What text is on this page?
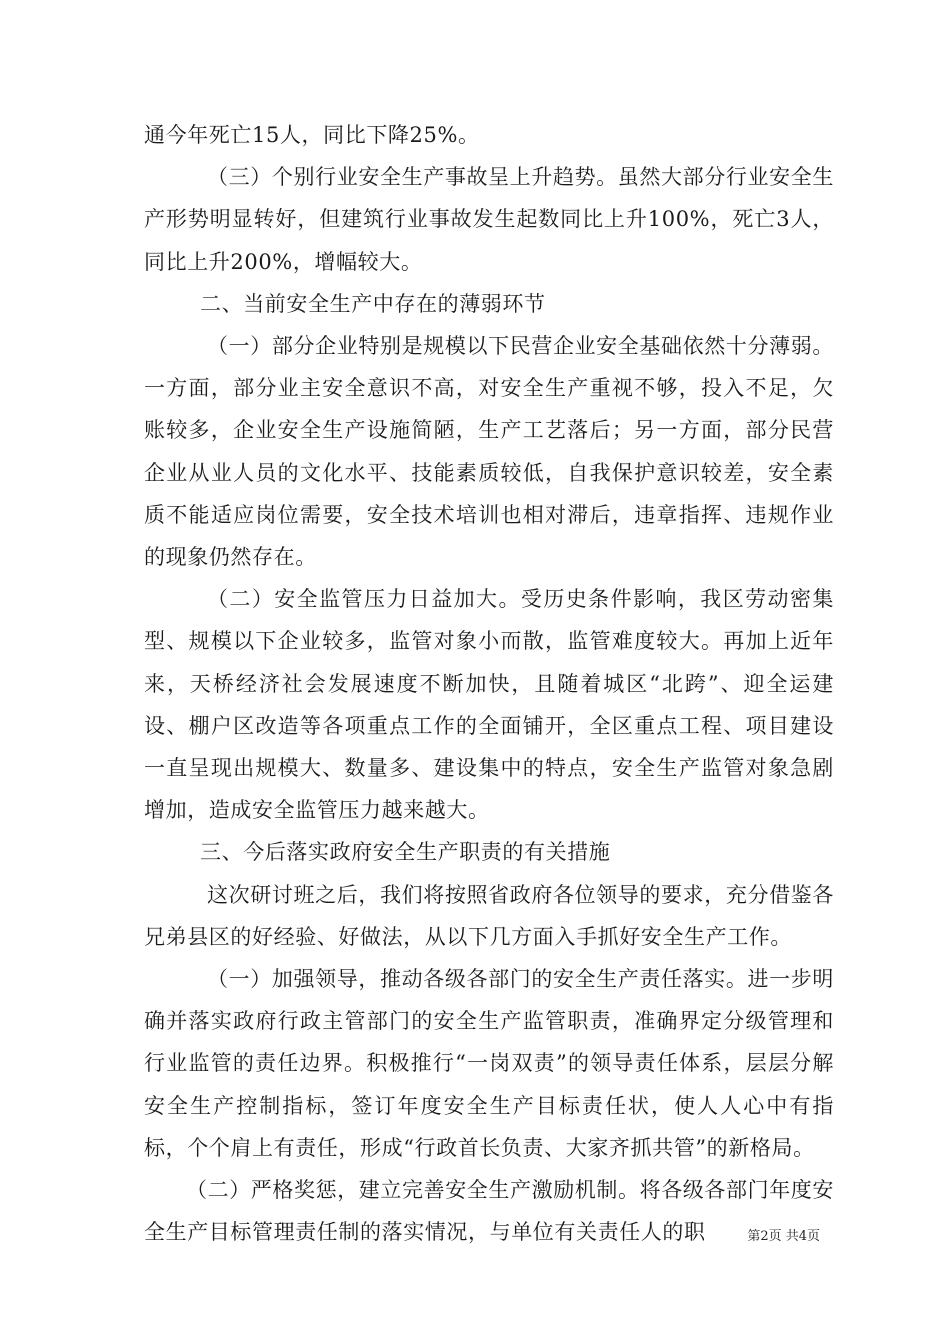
通今年死亡15人，同比下降25%。

（三）个别行业安全生产事故呈上升趋势。虽然大部分行业安全生产形势明显转好，但建筑行业事故发生起数同比上升100%，死亡3人，同比上升200%，增幅较大。

二、当前安全生产中存在的薄弱环节

（一）部分企业特别是规模以下民营企业安全基础依然十分薄弱。一方面，部分业主安全意识不高，对安全生产重视不够，投入不足，欠账较多，企业安全生产设施简陋，生产工艺落后；另一方面，部分民营企业从业人员的文化水平、技能素质较低，自我保护意识较差，安全素质不能适应岗位需要，安全技术培训也相对滞后，违章指挥、违规作业的现象仍然存在。

（二）安全监管压力日益加大。受历史条件影响，我区劳动密集型、规模以下企业较多，监管对象小而散，监管难度较大。再加上近年来，天桥经济社会发展速度不断加快，且随着城区“北跨”、迎全运建设、棚户区改造等各项重点工作的全面铺开，全区重点工程、项目建设一直呈现出规模大、数量多、建设集中的特点，安全生产监管对象急剧增加，造成安全监管压力越来越大。

三、今后落实政府安全生产职责的有关措施

这次研讨班之后，我们将按照省政府各位领导的要求，充分借鉴各兄弟县区的好经验、好做法，从以下几方面入手抓好安全生产工作。

（一）加强领导，推动各级各部门的安全生产责任落实。进一步明确并落实政府行政主管部门的安全生产监管职责，准确界定分级管理和行业监管的责任边界。积极推行“一岗双责”的领导责任体系，层层分解安全生产控制指标，签订年度安全生产目标责任状，使人人心中有指标，个个肩上有责任，形成“行政首长负责、大家齐抓共管”的新格局。

（二）严格奖惩，建立完善安全生产激励机制。将各级各部门年度安全生产目标管理责任制的落实情况，与单位有关责任人的职	第2页 共4页
